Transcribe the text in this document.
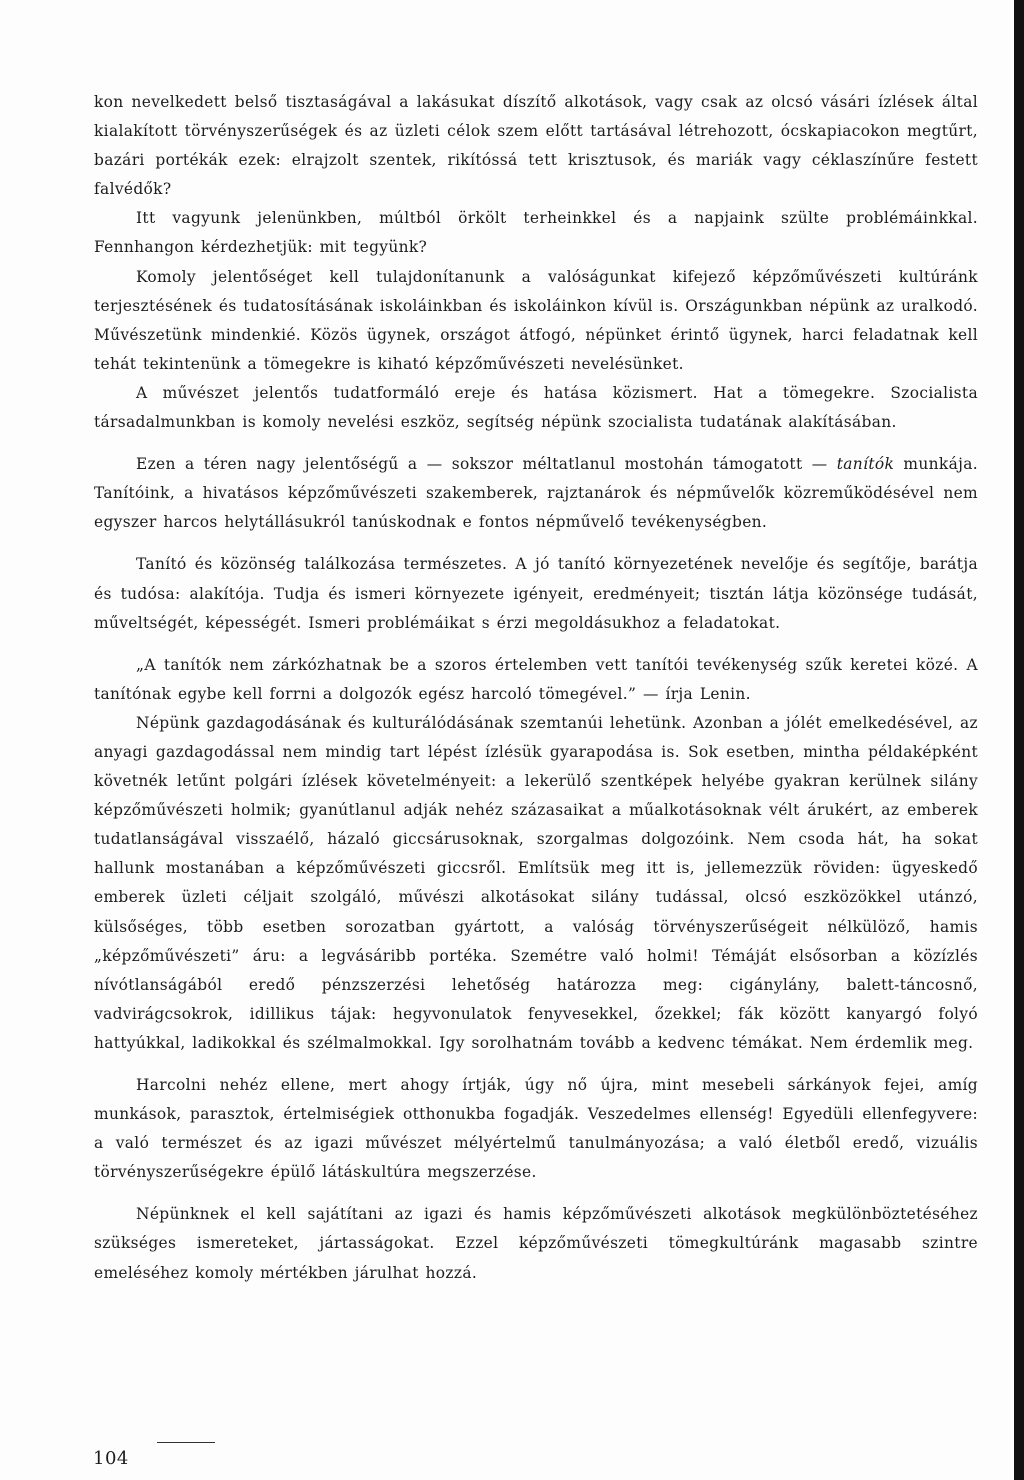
kon nevelkedett belső tisztaságával a lakásukat díszítő alkotások, vagy csak az olcsó vásári ízlések által kialakított törvényszerűségek és az üzleti célok szem előtt tartásával létrehozott, ócskapiacokon megtűrt, bazári portékák ezek: elrajzolt szentek, rikítóssá tett krisztusok, és mariák vagy céklaszínűre festett falvédők?

Itt vagyunk jelenünkben, múltból örkölt terheinkkel és a napjaink szülte problémáinkkal. Fennhangon kérdezhetjük: mit tegyünk?

Komoly jelentőséget kell tulajdonítanunk a valóságunkat kifejező képzőművészeti kultúránk terjesztésének és tudatosításának iskoláinkban és iskoláinkon kívül is. Országunkban népünk az uralkodó. Művészetünk mindenkié. Közös ügynek, országot átfogó, népünket érintő ügynek, harci feladatnak kell tehát tekintenünk a tömegekre is kiható képzőművészeti nevelésünket.

A művészet jelentős tudatformáló ereje és hatása közismert. Hat a tömegekre. Szocialista társadalmunkban is komoly nevelési eszköz, segítség népünk szocialista tudatának alakításában.

Ezen a téren nagy jelentőségű a — sokszor méltatlanul mostohán támogatott — tanítók munkája. Tanítóink, a hivatásos képzőművészeti szakemberek, rajztanárok és népművelők közreműködésével nem egyszer harcos helytállásukról tanúskodnak e fontos népművelő tevékenységben.

Tanító és közönség találkozása természetes. A jó tanító környezetének nevelője és segítője, barátja és tudósa: alakítója. Tudja és ismeri környezete igényeit, eredményeit; tisztán látja közönsége tudását, műveltségét, képességét. Ismeri problémáikat s érzi megoldásukhoz a feladatokat.

„A tanítók nem zárkózhatnak be a szoros értelemben vett tanítói tevékenység szűk keretei közé. A tanítónak egybe kell forrni a dolgozók egész harcoló tömegével.” — írja Lenin.

Népünk gazdagodásának és kulturálódásának szemtanúi lehetünk. Azonban a jólét emelkedésével, az anyagi gazdagodással nem mindig tart lépést ízlésük gyarapodása is. Sok esetben, mintha példaképként követnék letűnt polgári ízlések követelményeit: a lekerülő szentképek helyébe gyakran kerülnek silány képzőművészeti holmik; gyanútlanul adják nehéz százasaikat a műalkotásoknak vélt árukért, az emberek tudatlanságával visszaélő, házaló giccsárusoknak, szorgalmas dolgozóink. Nem csoda hát, ha sokat hallunk mostanában a képzőművészeti giccsről. Említsük meg itt is, jellemezzük röviden: ügyeskedő emberek üzleti céljait szolgáló, művészi alkotásokat silány tudással, olcsó eszközökkel utánzó, külsőséges, több esetben sorozatban gyártott, a valóság törvényszerűségeit nélkülöző, hamis „képzőművészeti” áru: a legvásáribb portéka. Szemétre való holmi! Témáját elsősorban a közízlés nívótlanságából eredő pénzszerzési lehetőség határozza meg: cigánylány, balett-táncosnő, vadvirágcsokrok, idillikus tájak: hegyvonulatok fenyvesekkel, őzekkel; fák között kanyargó folyó hattyúkkal, ladikokkal és szélmalmokkal. Igy sorolhatnám tovább a kedvenc témákat. Nem érdemlik meg.

Harcolni nehéz ellene, mert ahogy írtják, úgy nő újra, mint mesebeli sárkányok fejei, amíg munkások, parasztok, értelmiségiek otthonukba fogadják. Veszedelmes ellenség! Egyedüli ellenfegyvere: a való természet és az igazi művészet mélyértelmű tanulmányozása; a való életből eredő, vizuális törvényszerűségekre épülő látáskultúra megszerzése.

Népünknek el kell sajátítani az igazi és hamis képzőművészeti alkotások megkülönböztetéséhez szükséges ismereteket, jártasságokat. Ezzel képzőművészeti tömegkultúránk magasabb szintre emeléséhez komoly mértékben járulhat hozzá.

104
